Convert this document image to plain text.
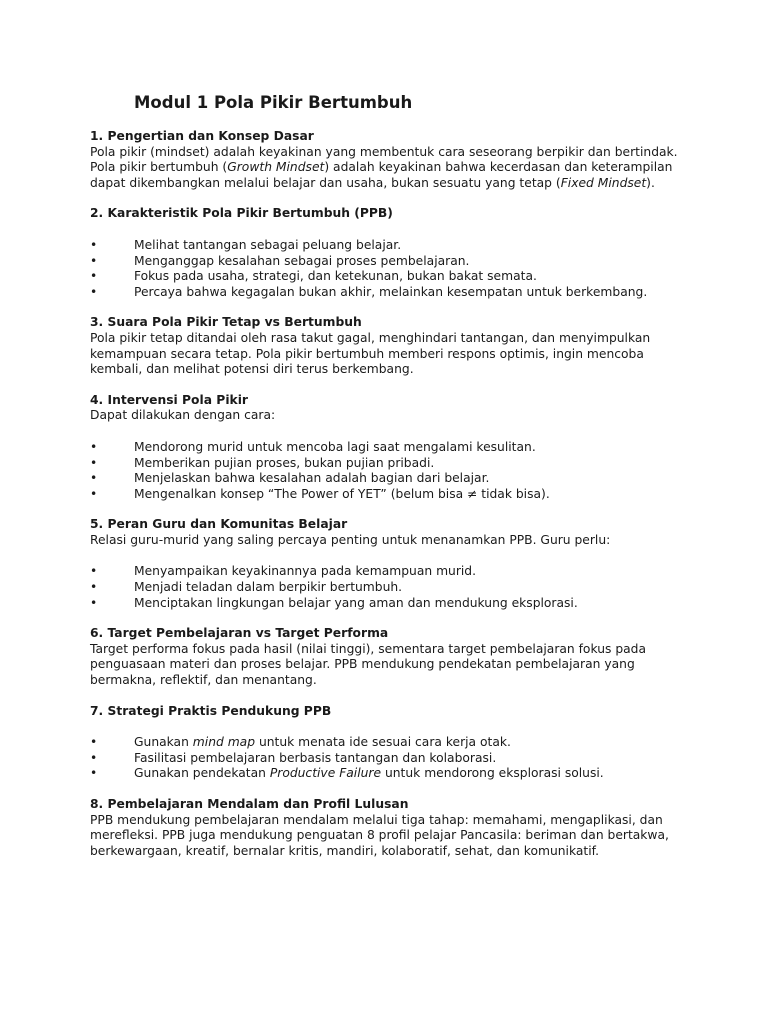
Modul 1 Pola Pikir Bertumbuh

1. Pengertian dan Konsep Dasar

Pola pikir (mindset) adalah keyakinan yang membentuk cara seseorang berpikir dan bertindak. Pola pikir bertumbuh (Growth Mindset) adalah keyakinan bahwa kecerdasan dan keterampilan dapat dikembangkan melalui belajar dan usaha, bukan sesuatu yang tetap (Fixed Mindset).

2. Karakteristik Pola Pikir Bertumbuh (PPB)

•	Melihat tantangan sebagai peluang belajar.
•	Menganggap kesalahan sebagai proses pembelajaran.
•	Fokus pada usaha, strategi, dan ketekunan, bukan bakat semata.
•	Percaya bahwa kegagalan bukan akhir, melainkan kesempatan untuk berkembang.

3. Suara Pola Pikir Tetap vs Bertumbuh

Pola pikir tetap ditandai oleh rasa takut gagal, menghindari tantangan, dan menyimpulkan kemampuan secara tetap. Pola pikir bertumbuh memberi respons optimis, ingin mencoba kembali, dan melihat potensi diri terus berkembang.

4. Intervensi Pola Pikir

Dapat dilakukan dengan cara:

•	Mendorong murid untuk mencoba lagi saat mengalami kesulitan.
•	Memberikan pujian proses, bukan pujian pribadi.
•	Menjelaskan bahwa kesalahan adalah bagian dari belajar.
•	Mengenalkan konsep “The Power of YET” (belum bisa ≠ tidak bisa).

5. Peran Guru dan Komunitas Belajar

Relasi guru-murid yang saling percaya penting untuk menanamkan PPB. Guru perlu:

•	Menyampaikan keyakinannya pada kemampuan murid.
•	Menjadi teladan dalam berpikir bertumbuh.
•	Menciptakan lingkungan belajar yang aman dan mendukung eksplorasi.

6. Target Pembelajaran vs Target Performa

Target performa fokus pada hasil (nilai tinggi), sementara target pembelajaran fokus pada penguasaan materi dan proses belajar. PPB mendukung pendekatan pembelajaran yang bermakna, reflektif, dan menantang.

7. Strategi Praktis Pendukung PPB

•	Gunakan mind map untuk menata ide sesuai cara kerja otak.
•	Fasilitasi pembelajaran berbasis tantangan dan kolaborasi.
•	Gunakan pendekatan Productive Failure untuk mendorong eksplorasi solusi.

8. Pembelajaran Mendalam dan Profil Lulusan

PPB mendukung pembelajaran mendalam melalui tiga tahap: memahami, mengaplikasi, dan merefleksi. PPB juga mendukung penguatan 8 profil pelajar Pancasila: beriman dan bertakwa, berkewargaan, kreatif, bernalar kritis, mandiri, kolaboratif, sehat, dan komunikatif.
